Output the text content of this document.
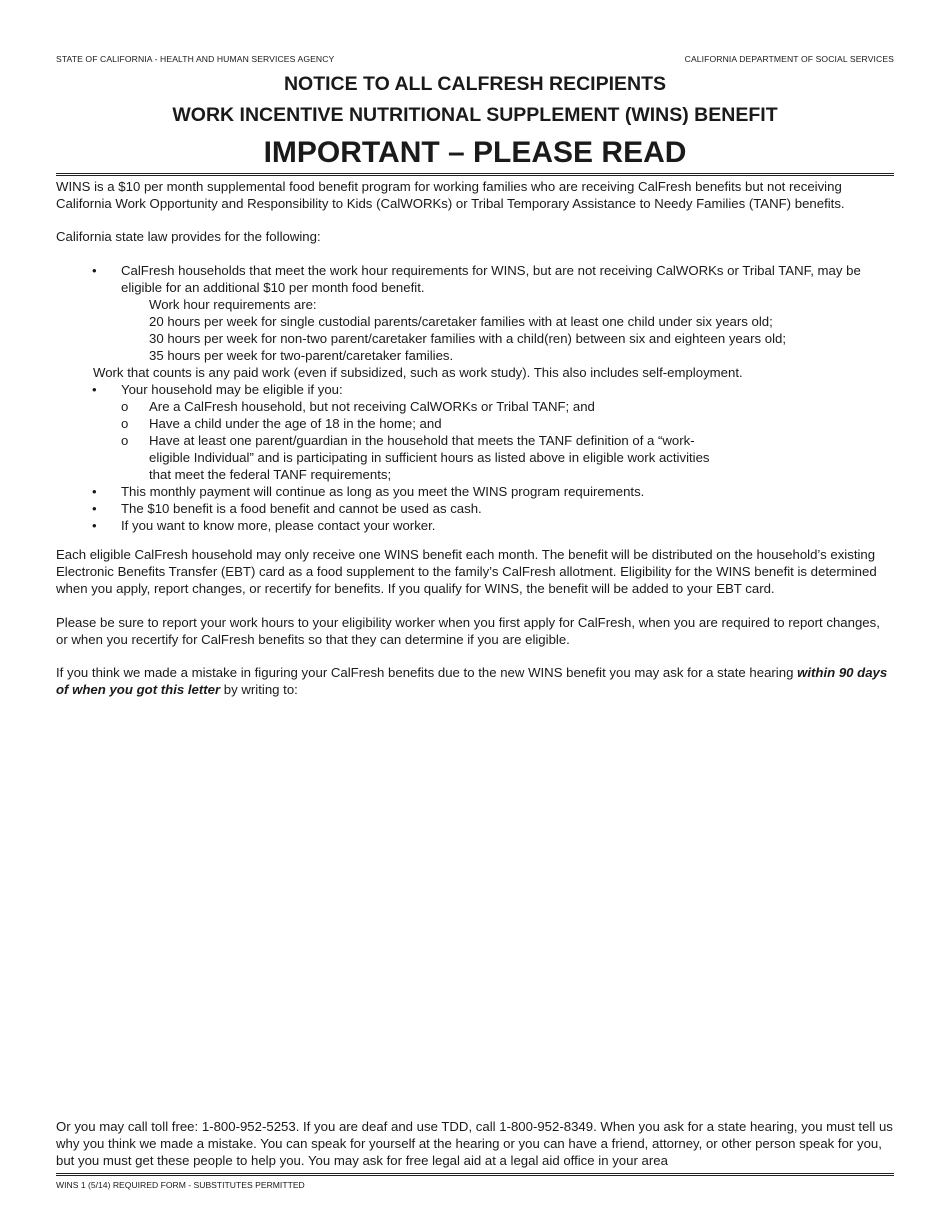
STATE OF CALIFORNIA - HEALTH AND HUMAN SERVICES AGENCY	CALIFORNIA DEPARTMENT OF SOCIAL SERVICES
NOTICE TO ALL CALFRESH RECIPIENTS
WORK INCENTIVE NUTRITIONAL SUPPLEMENT (WINS) BENEFIT
IMPORTANT – PLEASE READ
WINS is a $10 per month supplemental food benefit program for working families who are receiving CalFresh benefits but not receiving California Work Opportunity and Responsibility to Kids (CalWORKs) or Tribal Temporary Assistance to Needy Families (TANF) benefits.
California state law provides for the following:
• CalFresh households that meet the work hour requirements for WINS, but are not receiving CalWORKs or Tribal TANF, may be eligible for an additional $10 per month food benefit.
Work hour requirements are:
20 hours per week for single custodial parents/caretaker families with at least one child under six years old;
30 hours per week for non-two parent/caretaker families with a child(ren) between six and eighteen years old;
35 hours per week for two-parent/caretaker families.
Work that counts is any paid work (even if subsidized, such as work study). This also includes self-employment.
• Your household may be eligible if you:
o Are a CalFresh household, but not receiving CalWORKs or Tribal TANF; and
o Have a child under the age of 18 in the home; and
o Have at least one parent/guardian in the household that meets the TANF definition of a “work-eligible Individual” and is participating in sufficient hours as listed above in eligible work activities that meet the federal TANF requirements;
• This monthly payment will continue as long as you meet the WINS program requirements.
• The $10 benefit is a food benefit and cannot be used as cash.
• If you want to know more, please contact your worker.
Each eligible CalFresh household may only receive one WINS benefit each month. The benefit will be distributed on the household’s existing Electronic Benefits Transfer (EBT) card as a food supplement to the family’s CalFresh allotment. Eligibility for the WINS benefit is determined when you apply, report changes, or recertify for benefits. If you qualify for WINS, the benefit will be added to your EBT card.
Please be sure to report your work hours to your eligibility worker when you first apply for CalFresh, when you are required to report changes, or when you recertify for CalFresh benefits so that they can determine if you are eligible.
If you think we made a mistake in figuring your CalFresh benefits due to the new WINS benefit you may ask for a state hearing within 90 days of when you got this letter by writing to:
Or you may call toll free: 1-800-952-5253. If you are deaf and use TDD, call 1-800-952-8349. When you ask for a state hearing, you must tell us why you think we made a mistake. You can speak for yourself at the hearing or you can have a friend, attorney, or other person speak for you, but you must get these people to help you. You may ask for free legal aid at a legal aid office in your area
WINS 1 (5/14) REQUIRED FORM - SUBSTITUTES PERMITTED
